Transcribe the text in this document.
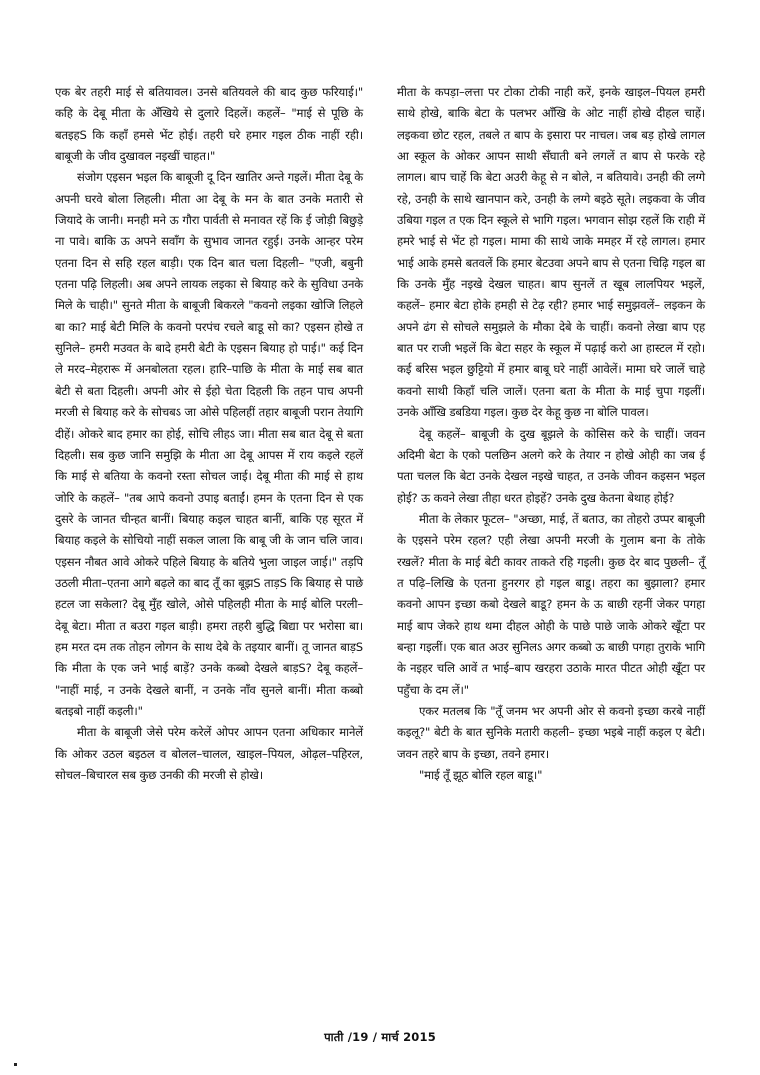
एक बेर तहरी माई से बतियावल। उनसे बतियवले की बाद कुछ फरियाई।" कहि के देबू मीता के अँखिये से दुलारे दिहलें। कहलें– "माई से पूछि के बतइहS कि कहाँ हमसे भेंट होई। तहरी घरे हमार गइल ठीक नाहीं रही। बाबूजी के जीव दुखावल नइखीं चाहत।"

संजोग एइसन भइल कि बाबूजी दू दिन खातिर अन्ते गइलें। मीता देबू के अपनी घरवे बोला लिहली। मीता आ देबू के मन के बात उनके मतारी से जियादे के जानी। मनही मने ऊ गौरा पार्वती से मनावत रहें कि ई जोड़ी बिछुड़े ना पावे। बाकि ऊ अपने सवाँग के सुभाव जानत रहुई। उनके आन्हर परेम एतना दिन से सहि रहल बाड़ी। एक दिन बात चला दिहली– "एजी, बबुनी एतना पढ़ि लिहली। अब अपने लायक लइका से बियाह करे के सुविधा उनके मिले के चाही।" सुनते मीता के बाबूजी बिकरले "कवनो लइका खोजि लिहले बा का? माई बेटी मिलि के कवनो परपंच रचले बाडू सो का? एइसन होखे त सुनिले– हमरी मउवत के बादे हमरी बेटी के एइसन बियाह हो पाई।" कई दिन ले मरद–मेहरारू में अनबोलता रहल। हारि–पाछि के मीता के माई सब बात बेटी से बता दिहली। अपनी ओर से ईहो चेता दिहली कि तहन पाच अपनी मरजी से बियाह करे के सोचबऽ जा ओसे पहिलहीं तहार बाबूजी परान तेयागि दीहें। ओकरे बाद हमार का होई, सोचि लीहऽ जा। मीता सब बात देबू से बता दिहली। सब कुछ जानि समुझि के मीता आ देबू आपस में राय कइले रहलें कि माई से बतिया के कवनो रस्ता सोचल जाई। देबू मीता की माई से हाथ जोरि के कहलें– "तब आपे कवनो उपाइ बताईं। हमन के एतना दिन से एक दुसरे के जानत चीन्हत बानीं। बियाह कइल चाहत बानीं, बाकि एह सूरत में बियाह कइले के सोचियो नाहीं सकल जाला कि बाबू जी के जान चलि जाव। एइसन नौबत आवे ओकरे पहिले बियाह के बतिये भुला जाइल जाई।" तड़पि उठली मीता–एतना आगे बढ़ले का बाद तूँ का बूझS ताड़S कि बियाह से पाछे हटल जा सकेला? देबू मुँह खोले, ओसे पहिलही मीता के माई बोलि परली– देबू बेटा। मीता त बउरा गइल बाड़ी। हमरा तहरी बुद्धि बिद्या पर भरोसा बा। हम मरत दम तक तोहन लोगन के साथ देबे के तइयार बानीं। तू जानत बाड़S कि मीता के एक जने भाई बाड़ें? उनके कब्बो देखले बाड़S? देबू कहलें– "नाहीं माई, न उनके देखले बानीं, न उनके नाँव सुनले बानीं। मीता कब्बो बतइबो नाहीं कइली।"

मीता के बाबूजी जेसे परेम करेलें ओपर आपन एतना अधिकार मानेलें कि ओकर उठल बइठल व बोलल–चालल, खाइल–पियल, ओढ़ल–पहिरल, सोचल–बिचारल सब कुछ उनकी की मरजी से होखे।

मीता के कपड़ा–लत्ता पर टोका टोकी नाही करें, इनके खाइल–पियल हमरी साथे होखे, बाकि बेटा के पलभर आँखि के ओट नाहीं होखे दीहल चाहें। लइकवा छोट रहल, तबले त बाप के इसारा पर नाचल। जब बड़ होखे लागल आ स्कूल के ओकर आपन साथी सँघाती बने लगलें त बाप से फरके रहे लागल। बाप चाहें कि बेटा अउरी केहू से न बोले, न बतियावे। उनही की लग्गे रहे, उनही के साथे खानपान करे, उनही के लग्गे बइठे सूते। लइकवा के जीव उबिया गइल त एक दिन स्कूले से भागि गइल। भगवान सोझ रहलें कि राही में हमरे भाई से भेंट हो गइल। मामा की साथे जाके ममहर में रहे लागल। हमार भाई आके हमसे बतवलें कि हमार बेटउवा अपने बाप से एतना चिढ़ि गइल बा कि उनके मुँह नइखे देखल चाहत। बाप सुनलें त खूब लालपियर भइलें, कहलें– हमार बेटा होके हमही से टेढ़ रही? हमार भाई समुझवलें– लइकन के अपने ढंग से सोचले समुझले के मौका देबे के चाहीं। कवनो लेखा बाप एह बात पर राजी भइलें कि बेटा सहर के स्कूल में पढ़ाई करो आ हास्टल में रहो। कई बरिस भइल छुट्टियो में हमार बाबू घरे नाहीं आवेलें। मामा घरे जालें चाहे कवनो साथी किहाँ चलि जालें। एतना बता के मीता के माई चुपा गइलीं। उनके आँखि डबडिया गइल। कुछ देर केहू कुछ ना बोलि पावल।

देबू कहलें– बाबूजी के दुख बूझले के कोसिस करे के चाहीं। जवन अदिमी बेटा के एको पलछिन अलगे करे के तेयार न होखे ओही का जब ई पता चलल कि बेटा उनके देखल नइखे चाहत, त उनके जीवन कइसन भइल होई? ऊ कवने लेखा तीहा धरत होइहें? उनके दुख केतना बेथाह होई?

मीता के लेकार फूटल– "अच्छा, माई, तें बताउ, का तोहरो उप्पर बाबूजी के एइसने परेम रहल? एही लेखा अपनी मरजी के गुलाम बना के तोके रखलें? मीता के माई बेटी कावर ताकते रहि गइली। कुछ देर बाद पुछली– तूँ त पढ़ि–लिखि के एतना हुनरगर हो गइल बाडू। तहरा का बुझाला? हमार कवनो आपन इच्छा कबो देखले बाडू? हमन के ऊ बाछी रहनीं जेकर पगहा माई बाप जेकरे हाथ थमा दीहल ओही के पाछे पाछे जाके ओकरे खूँटा पर बन्हा गइलीं। एक बात अउर सुनिलऽ अगर कब्बो ऊ बाछी पगहा तुराके भागि के नइहर चलि आवें त भाई–बाप खरहरा उठाके मारत पीटत ओही खूँटा पर पहुँचा के दम लें।"

एकर मतलब कि "तूँ जनम भर अपनी ओर से कवनो इच्छा करबे नाहीं कइलू?" बेटी के बात सुनिके मतारी कहली– इच्छा भइबे नाहीं कइल ए बेटी। जवन तहरे बाप के इच्छा, तवने हमार।

"माई तूँ झूठ बोलि रहल बाडू।"

पाती /19 / मार्च 2015
